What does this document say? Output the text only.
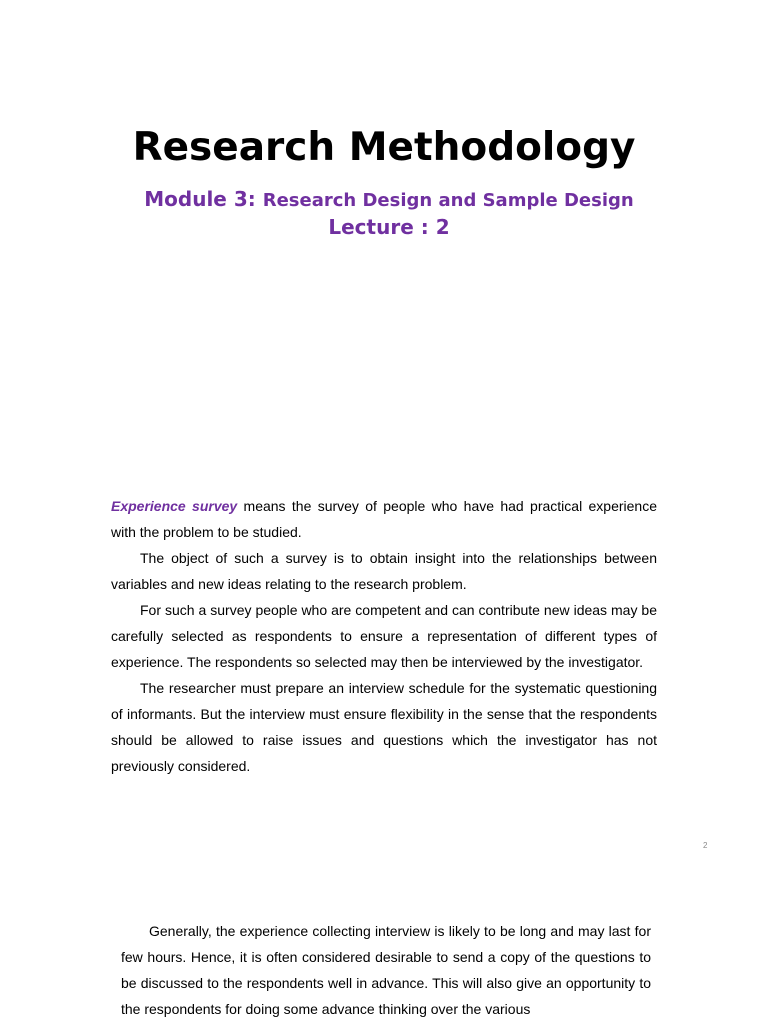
Research Methodology
Module 3: Research Design and Sample Design
Lecture : 2

Experience survey means the survey of people who have had practical experience with the problem to be studied.

The object of such a survey is to obtain insight into the relationships between variables and new ideas relating to the research problem.

For such a survey people who are competent and can contribute new ideas may be carefully selected as respondents to ensure a representation of different types of experience. The respondents so selected may then be interviewed by the investigator.

The researcher must prepare an interview schedule for the systematic questioning of informants. But the interview must ensure flexibility in the sense that the respondents should be allowed to raise issues and questions which the investigator has not previously considered.

2

Generally, the experience collecting interview is likely to be long and may last for few hours. Hence, it is often considered desirable to send a copy of the questions to be discussed to the respondents well in advance. This will also give an opportunity to the respondents for doing some advance thinking over the various
